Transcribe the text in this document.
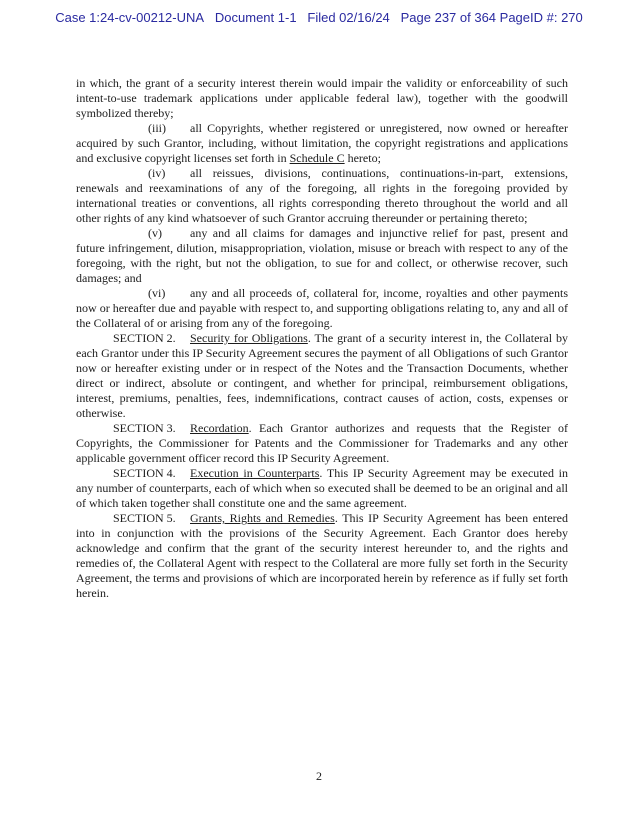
Case 1:24-cv-00212-UNA   Document 1-1   Filed 02/16/24   Page 237 of 364 PageID #: 270

in which, the grant of a security interest therein would impair the validity or enforceability of such intent-to-use trademark applications under applicable federal law), together with the goodwill symbolized thereby;

(iii) all Copyrights, whether registered or unregistered, now owned or hereafter acquired by such Grantor, including, without limitation, the copyright registrations and applications and exclusive copyright licenses set forth in Schedule C hereto;

(iv) all reissues, divisions, continuations, continuations-in-part, extensions, renewals and reexaminations of any of the foregoing, all rights in the foregoing provided by international treaties or conventions, all rights corresponding thereto throughout the world and all other rights of any kind whatsoever of such Grantor accruing thereunder or pertaining thereto;

(v) any and all claims for damages and injunctive relief for past, present and future infringement, dilution, misappropriation, violation, misuse or breach with respect to any of the foregoing, with the right, but not the obligation, to sue for and collect, or otherwise recover, such damages; and

(vi) any and all proceeds of, collateral for, income, royalties and other payments now or hereafter due and payable with respect to, and supporting obligations relating to, any and all of the Collateral of or arising from any of the foregoing.

SECTION 2. Security for Obligations. The grant of a security interest in, the Collateral by each Grantor under this IP Security Agreement secures the payment of all Obligations of such Grantor now or hereafter existing under or in respect of the Notes and the Transaction Documents, whether direct or indirect, absolute or contingent, and whether for principal, reimbursement obligations, interest, premiums, penalties, fees, indemnifications, contract causes of action, costs, expenses or otherwise.

SECTION 3. Recordation. Each Grantor authorizes and requests that the Register of Copyrights, the Commissioner for Patents and the Commissioner for Trademarks and any other applicable government officer record this IP Security Agreement.

SECTION 4. Execution in Counterparts. This IP Security Agreement may be executed in any number of counterparts, each of which when so executed shall be deemed to be an original and all of which taken together shall constitute one and the same agreement.

SECTION 5. Grants, Rights and Remedies. This IP Security Agreement has been entered into in conjunction with the provisions of the Security Agreement. Each Grantor does hereby acknowledge and confirm that the grant of the security interest hereunder to, and the rights and remedies of, the Collateral Agent with respect to the Collateral are more fully set forth in the Security Agreement, the terms and provisions of which are incorporated herein by reference as if fully set forth herein.

2
